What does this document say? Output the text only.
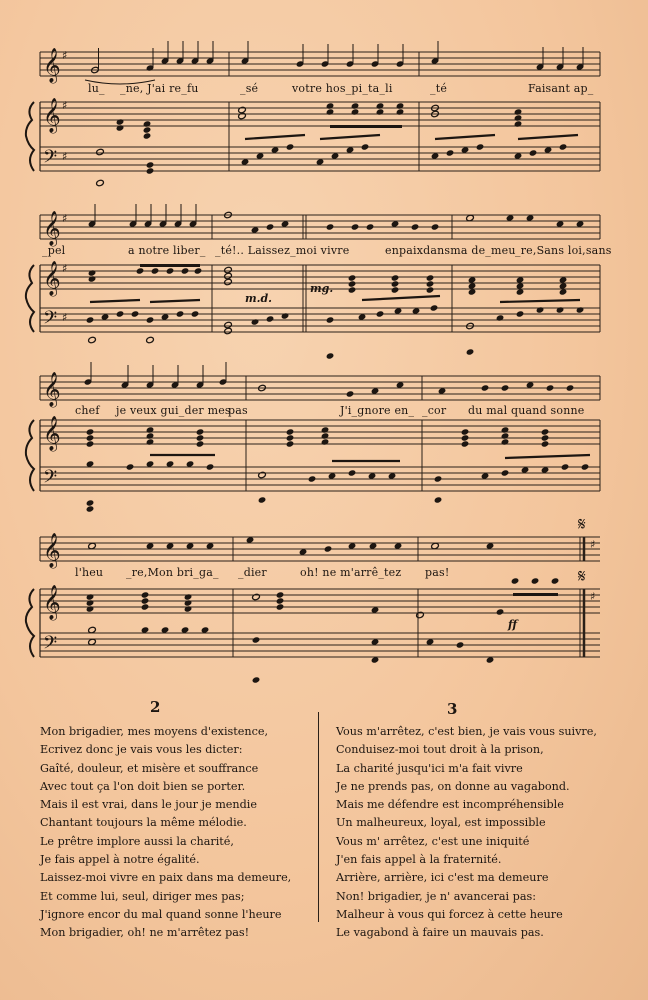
𝄞
𝄞
𝄢
♯
♯
♯
𝄞
𝄞
𝄢
♯
♯
♯
𝄞
𝄞
𝄢
𝄞
𝄞
𝄢
𝄋
𝄋
♯
♯
lu_ _ne, J'ai re_fu	_sé	votre hos_pi_ta_li	_té	Faisant ap_
_pel	a notre liber_ _té!.. Laissez_moi vivre	enpaixdansma de_meu _re,Sans loi,sans
chef je veux gui_der mes
pas	J'i_gnore en_ _cor du mal quand sonne
l'heu _re,Mon bri_ga_ _dier	oh! ne m'arrê_tez pas!
m.d.
mg.
ff
2	3
Mon brigadier, mes moyens d'existence,
Ecrivez donc je vais vous les dicter:
Gaîté, douleur, et misère et souffrance
Avec tout ça l'on doit bien se porter.
Mais il est vrai, dans le jour je mendie
Chantant toujours la même mélodie.
Le prêtre implore aussi la charité,
Je fais appel à notre égalité.
Laissez-moi vivre en paix dans ma demeure,
Et comme lui, seul, diriger mes pas;
J'ignore encor du mal quand sonne l'heure
Mon brigadier, oh! ne m'arrêtez pas!
Vous m'arrêtez, c'est bien, je vais vous suivre,
Conduisez-moi tout droit à la prison,
La charité jusqu'ici m'a fait vivre
Je ne prends pas, on donne au vagabond.
Mais me défendre est incompréhensible
Un malheureux, loyal, est impossible
Vous m' arrêtez, c'est une iniquité
J'en fais appel à la fraternité.
Arrière, arrière, ici c'est ma demeure
Non! brigadier, je n' avancerai pas:
Malheur à vous qui forcez à cette heure
Le vagabond à faire un mauvais pas.
